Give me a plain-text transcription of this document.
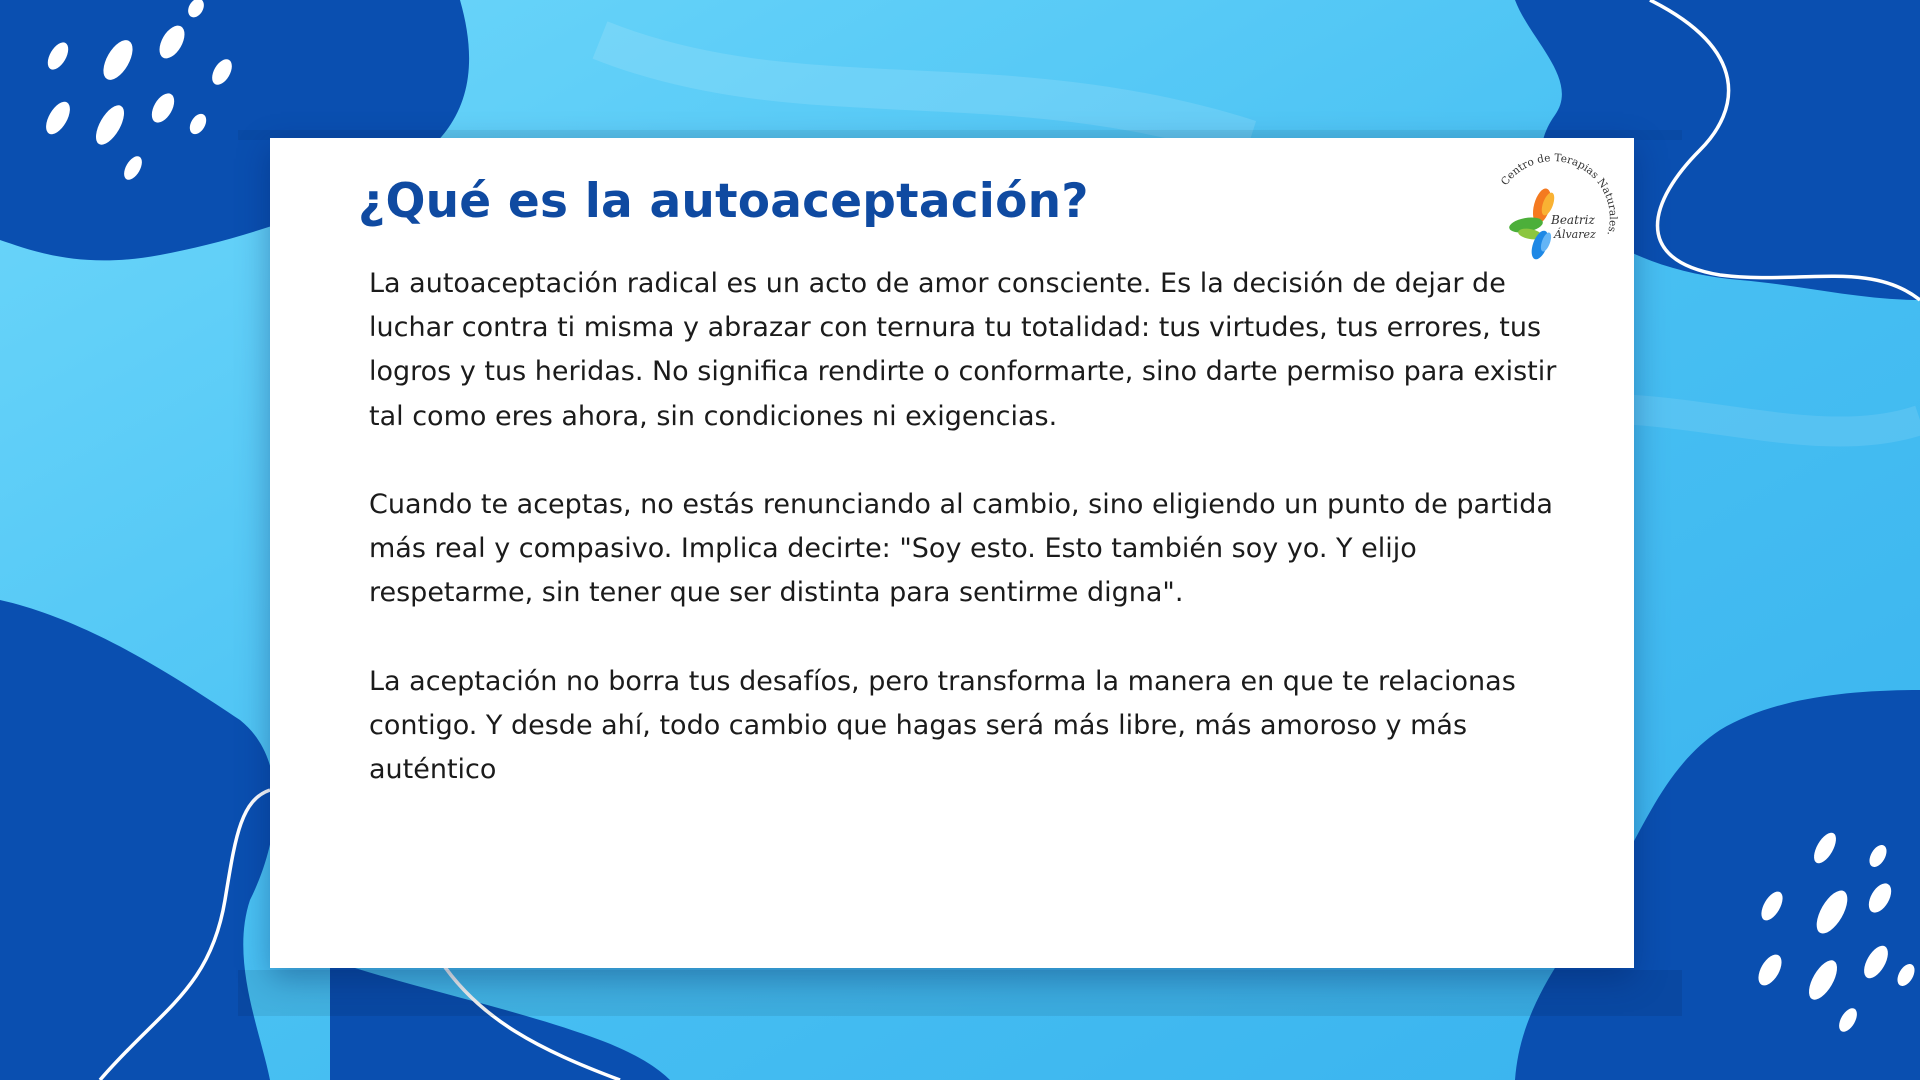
¿Qué es la autoaceptación?	Centro de Terapias Naturales.
Beatriz
Álvarez

La autoaceptación radical es un acto de amor consciente. Es la decisión de dejar de luchar contra ti misma y abrazar con ternura tu totalidad: tus virtudes, tus errores, tus logros y tus heridas. No significa rendirte o conformarte, sino darte permiso para existir tal como eres ahora, sin condiciones ni exigencias.

Cuando te aceptas, no estás renunciando al cambio, sino eligiendo un punto de partida más real y compasivo. Implica decirte: "Soy esto. Esto también soy yo. Y elijo respetarme, sin tener que ser distinta para sentirme digna".

La aceptación no borra tus desafíos, pero transforma la manera en que te relacionas contigo. Y desde ahí, todo cambio que hagas será más libre, más amoroso y más auténtico
